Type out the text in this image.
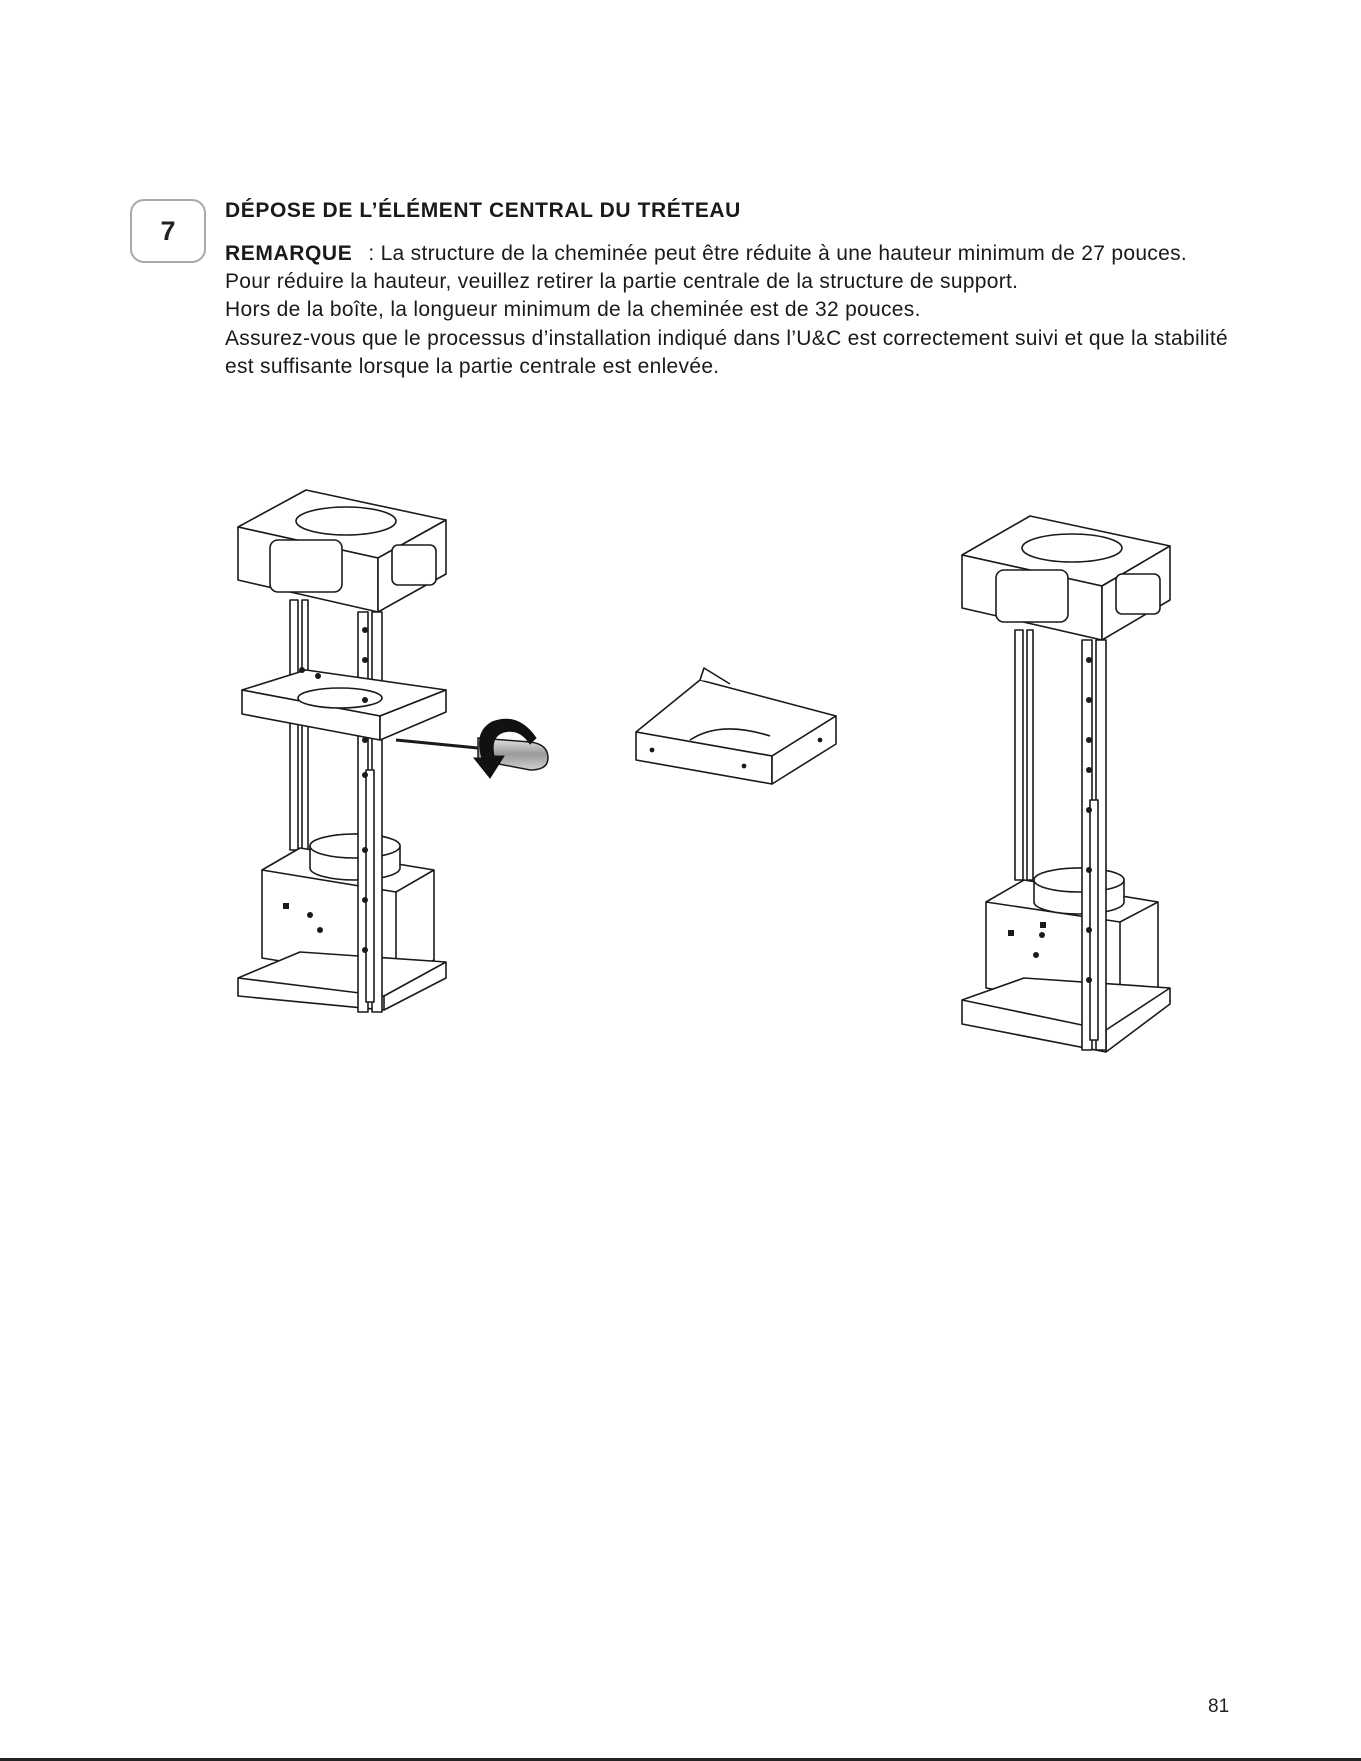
7
DÉPOSE DE L’ÉLÉMENT CENTRAL DU TRÉTEAU

REMARQUE : La structure de la cheminée peut être réduite à une hauteur minimum de 27 pouces. Pour réduire la hauteur, veuillez retirer la partie centrale de la structure de support.

Hors de la boîte, la longueur minimum de la cheminée est de 32 pouces.

Assurez-vous que le processus d’installation indiqué dans l’U&C est correctement suivi et que la stabilité est suffisante lorsque la partie centrale est enlevée.

81
